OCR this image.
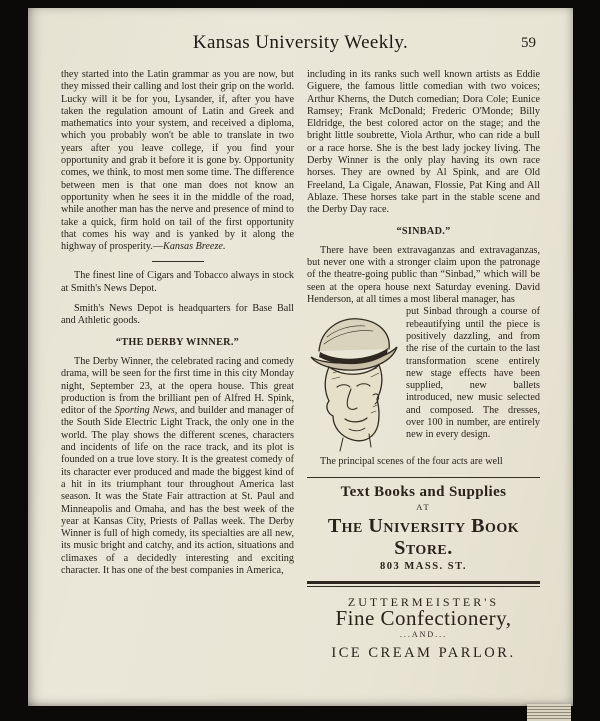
Kansas University Weekly.	59

they started into the Latin grammar as you are now, but they missed their calling and lost their grip on the world. Lucky will it be for you, Lysander, if, after you have taken the regulation amount of Latin and Greek and mathematics into your system, and received a diploma, which you probably won't be able to translate in two years after you leave college, if you find your opportunity and grab it before it is gone by. Opportunity comes, we think, to most men some time. The difference between men is that one man does not know an opportunity when he sees it in the middle of the road, while another man has the nerve and presence of mind to take a quick, firm hold on tail of the first opportunity that comes his way and is yanked by it along the highway of prosperity.—Kansas Breeze.

The finest line of Cigars and Tobacco always in stock at Smith's News Depot.

Smith's News Depot is headquarters for Base Ball and Athletic goods.

“THE DERBY WINNER.”

The Derby Winner, the celebrated racing and comedy drama, will be seen for the first time in this city Monday night, September 23, at the opera house. This great production is from the brilliant pen of Alfred H. Spink, editor of the Sporting News, and builder and manager of the South Side Electric Light Track, the only one in the world. The play shows the different scenes, characters and incidents of life on the race track, and its plot is founded on a true love story. It is the greatest comedy of its character ever produced and made the biggest kind of a hit in its triumphant tour throughout America last season. It was the State Fair attraction at St. Paul and Minneapolis and Omaha, and has the best week of the year at Kansas City, Priests of Pallas week. The Derby Winner is full of high comedy, its specialties are all new, its music bright and catchy, and its action, situations and climaxes of a decidedly interesting and exciting character. It has one of the best companies in America,

including in its ranks such well known artists as Eddie Giguere, the famous little comedian with two voices; Arthur Kherns, the Dutch comedian; Dora Cole; Eunice Ramsey; Frank McDonald; Frederic O'Monde; Billy Eldridge, the best colored actor on the stage; and the bright little soubrette, Viola Arthur, who can ride a bull or a race horse. She is the best lady jockey living. The Derby Winner is the only play having its own race horses. They are owned by Al Spink, and are Old Freeland, La Cigale, Anawan, Flossie, Pat King and All Ablaze. These horses take part in the stable scene and the Derby Day race.

“SINBAD.”

There have been extravaganzas and extravaganzas, but never one with a stronger claim upon the patronage of the theatre-going public than “Sinbad,” which will be seen at the opera house next Saturday evening. David Henderson, at all times a most liberal manager, has

put Sinbad through a course of rebeautifying until the piece is positively dazzling, and from the rise of the curtain to the last transformation scene entirely new stage effects have been supplied, new ballets introduced, new music selected and composed. The dresses, over 100 in number, are entirely new in every design.

The principal scenes of the four acts are well

Text Books and Supplies
AT
The University Book Store.
803 MASS. ST.
ZUTTERMEISTER'S
Fine Confectionery,
...AND...
ICE CREAM PARLOR.
